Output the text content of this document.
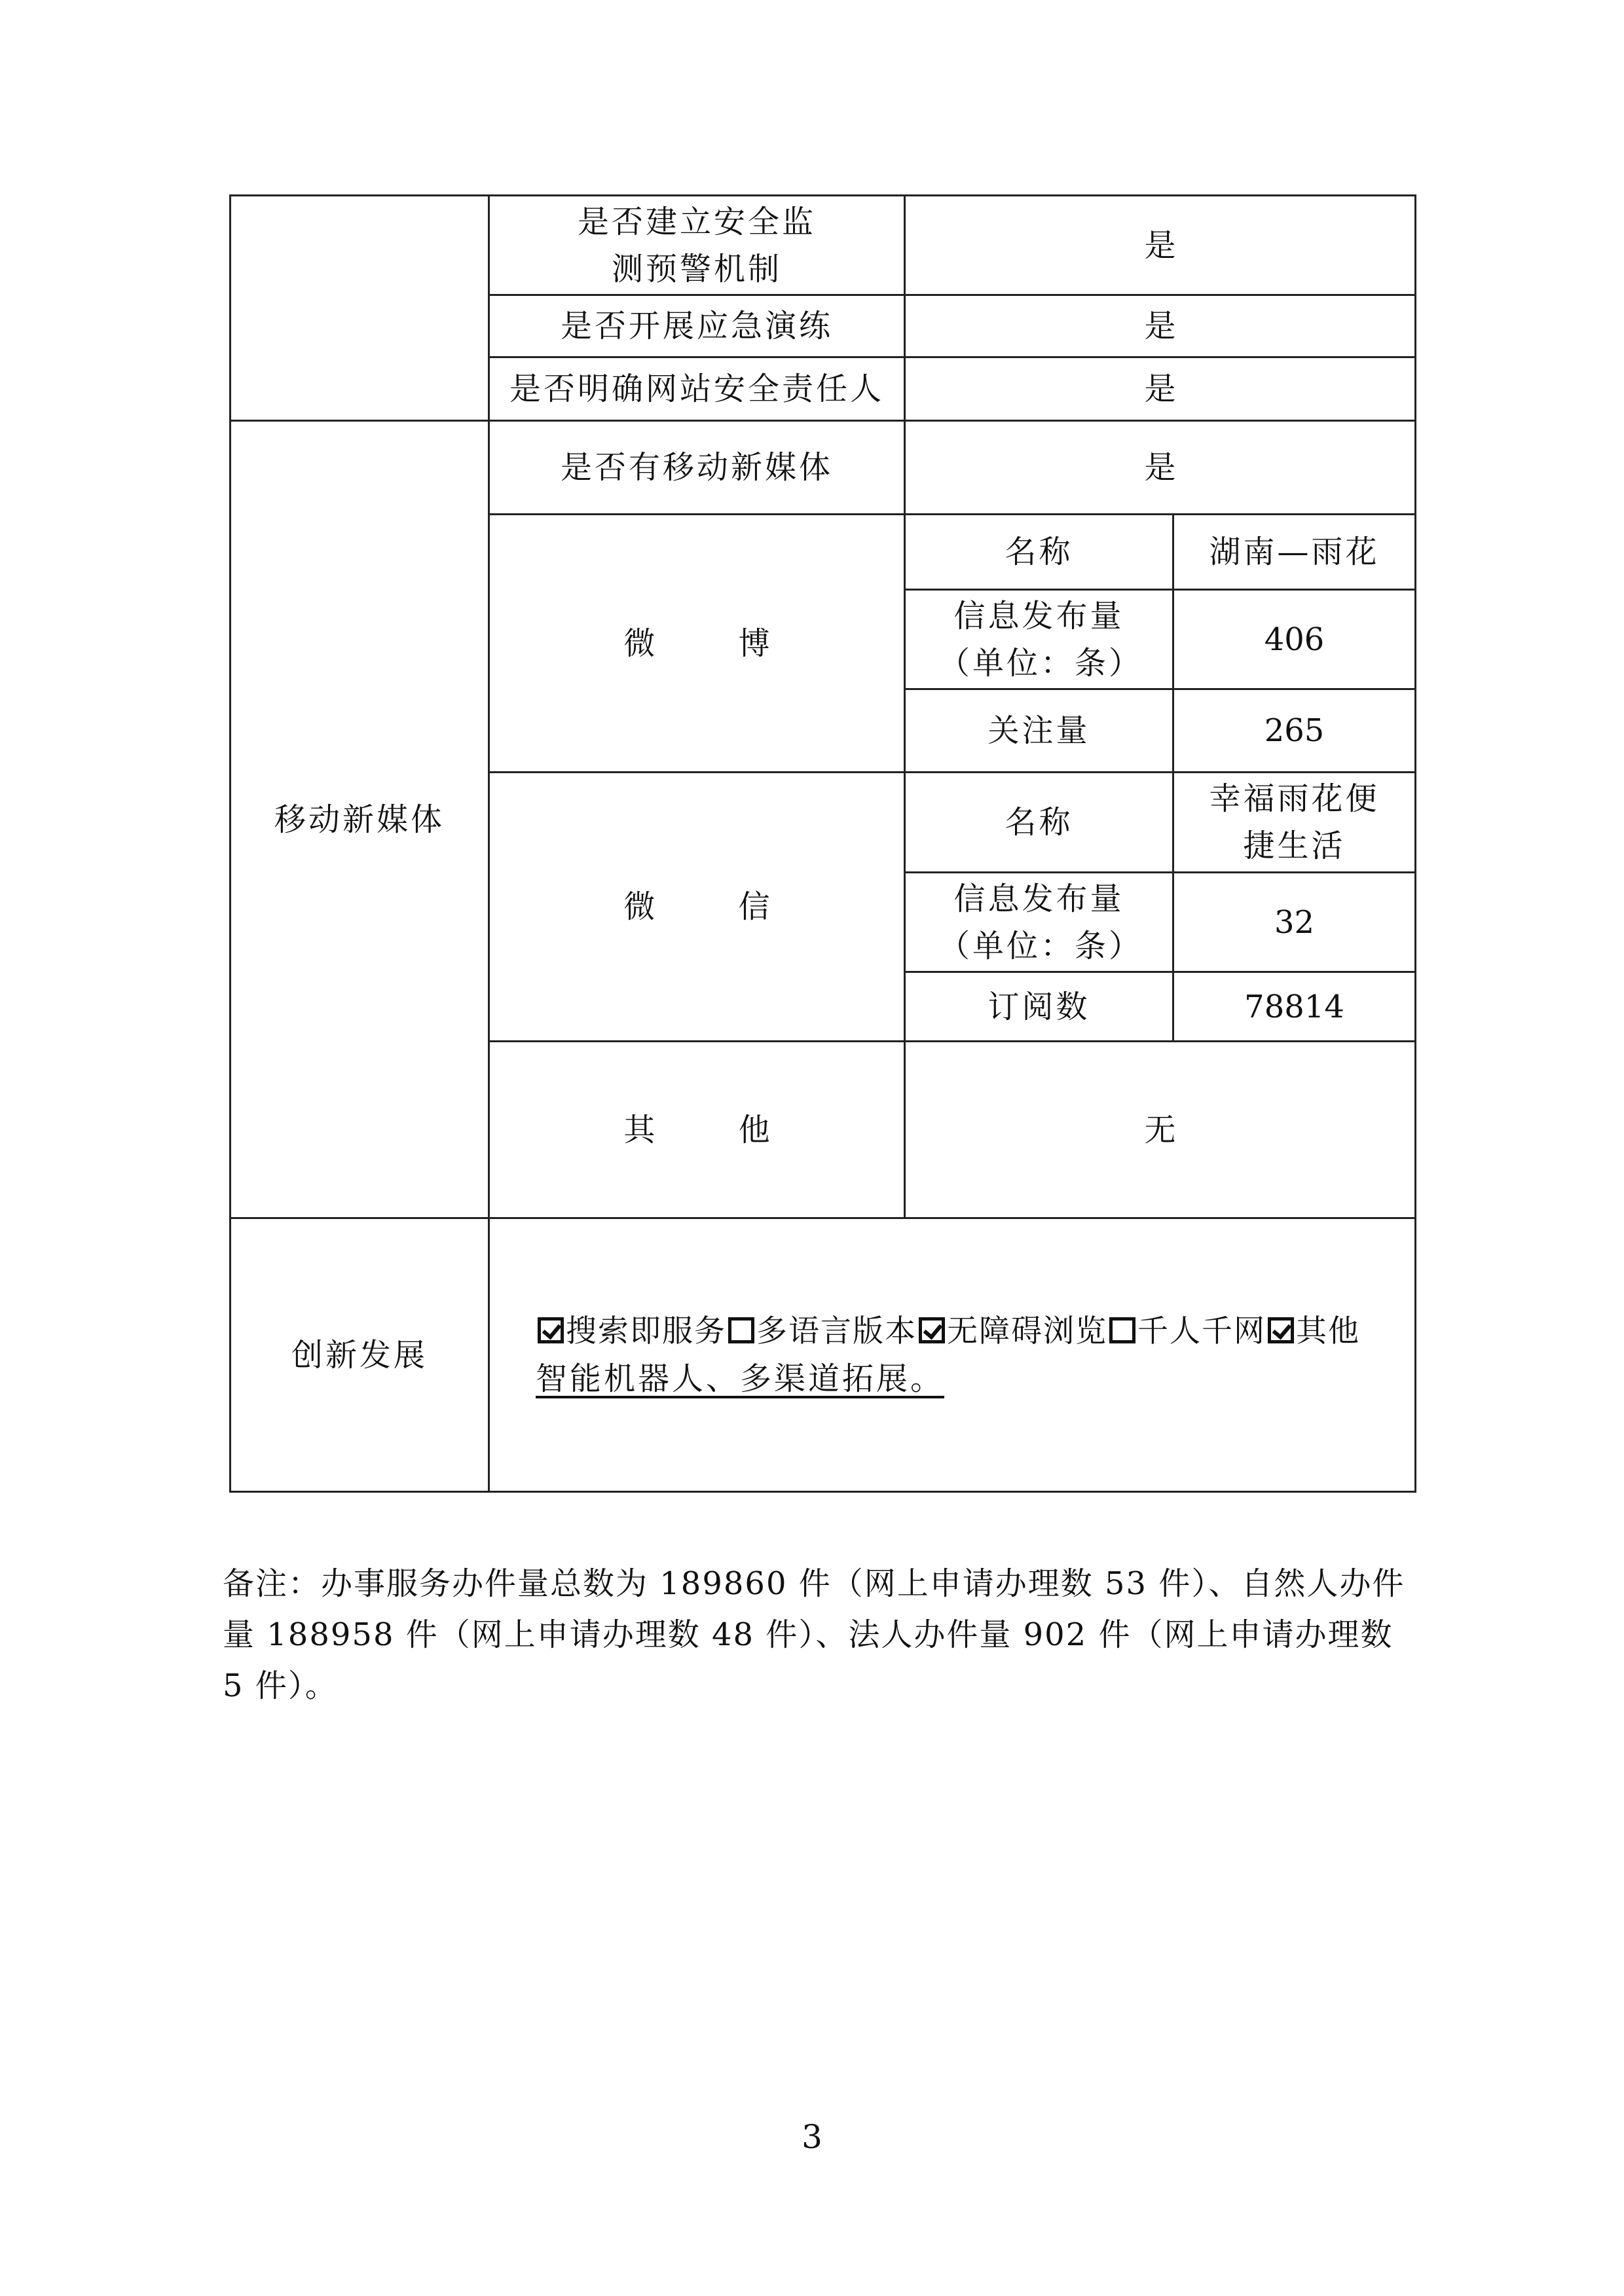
	是否建立安全监测预警机制	是	
	是否开展应急演练	是	
	是否明确网站安全责任人	是	
移动新媒体	是否有移动新媒体	是	
	微 博	名称	湖南—雨花
		信息发布量（单位：条）	406
		关注量	265
	微 信	名称	幸福雨花便捷生活
		信息发布量（单位：条）	32
		订阅数	78814
	其 他	无	
创新发展	搜索即服务 多语言版本 无障碍浏览 千人千网 其他
智能机器人、多渠道拓展。		
备注：办事服务办件量总数为 189860 件（网上申请办理数 53 件）、自然人办件量 188958 件（网上申请办理数 48 件）、法人办件量 902 件（网上申请办理数 5 件）。
3
